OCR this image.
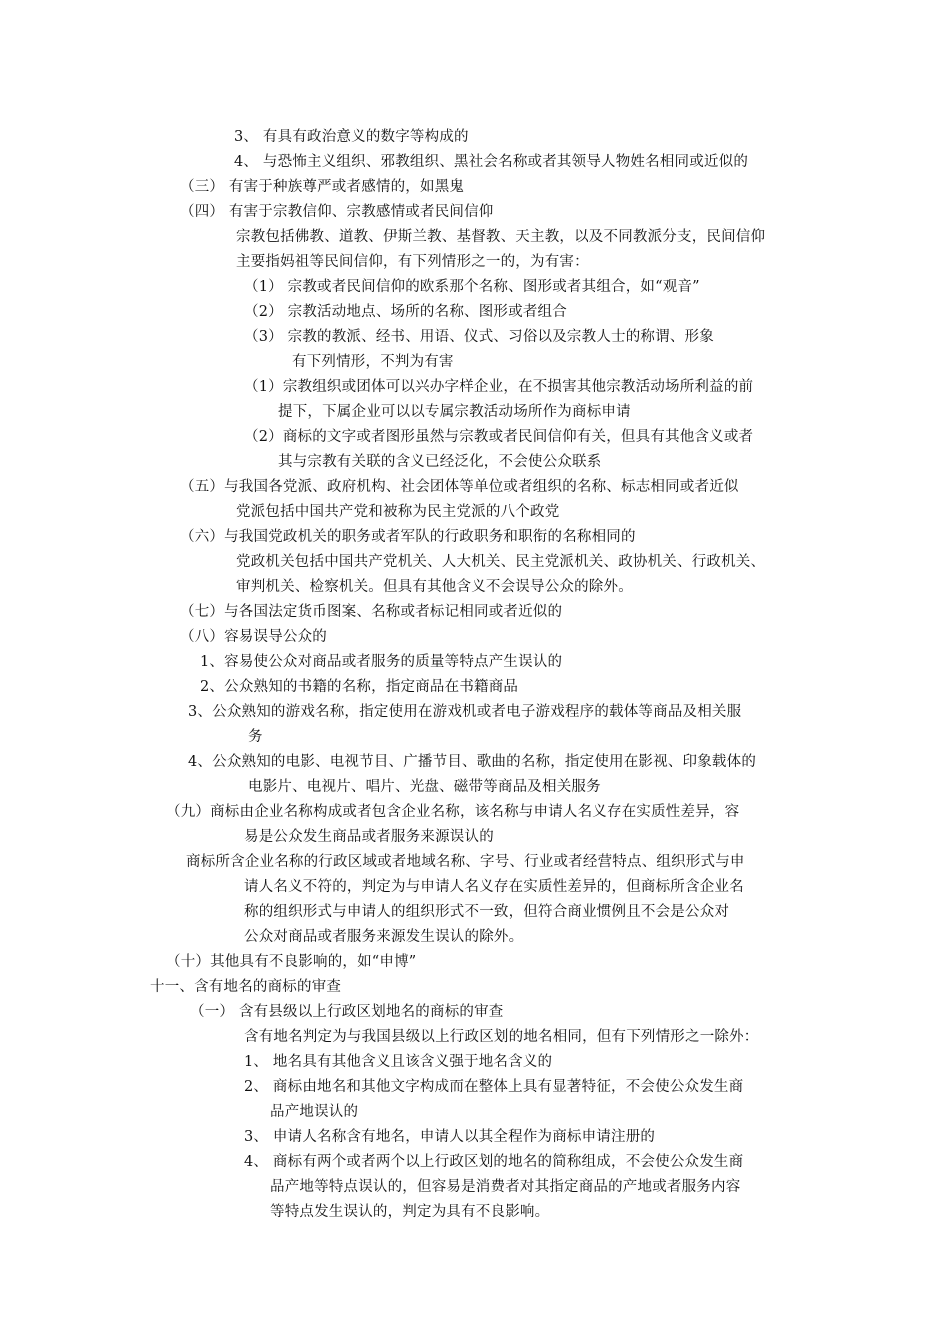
3、 有具有政治意义的数字等构成的
4、 与恐怖主义组织、邪教组织、黑社会名称或者其领导人物姓名相同或近似的
（三） 有害于种族尊严或者感情的，如黑鬼
（四） 有害于宗教信仰、宗教感情或者民间信仰
宗教包括佛教、道教、伊斯兰教、基督教、天主教，以及不同教派分支，民间信仰
主要指妈祖等民间信仰，有下列情形之一的，为有害：
（1） 宗教或者民间信仰的欧系那个名称、图形或者其组合，如“观音”
（2） 宗教活动地点、场所的名称、图形或者组合
（3） 宗教的教派、经书、用语、仪式、习俗以及宗教人士的称谓、形象
有下列情形，不判为有害
（1）宗教组织或团体可以兴办字样企业，在不损害其他宗教活动场所利益的前
提下，下属企业可以以专属宗教活动场所作为商标申请
（2）商标的文字或者图形虽然与宗教或者民间信仰有关，但具有其他含义或者
其与宗教有关联的含义已经泛化，不会使公众联系
（五）与我国各党派、政府机构、社会团体等单位或者组织的名称、标志相同或者近似
党派包括中国共产党和被称为民主党派的八个政党
（六）与我国党政机关的职务或者军队的行政职务和职衔的名称相同的
党政机关包括中国共产党机关、人大机关、民主党派机关、政协机关、行政机关、
审判机关、检察机关。但具有其他含义不会误导公众的除外。
（七）与各国法定货币图案、名称或者标记相同或者近似的
（八）容易误导公众的
1、容易使公众对商品或者服务的质量等特点产生误认的
2、公众熟知的书籍的名称，指定商品在书籍商品
3、公众熟知的游戏名称，指定使用在游戏机或者电子游戏程序的载体等商品及相关服
务
4、公众熟知的电影、电视节目、广播节目、歌曲的名称，指定使用在影视、印象载体的
电影片、电视片、唱片、光盘、磁带等商品及相关服务
（九）商标由企业名称构成或者包含企业名称，该名称与申请人名义存在实质性差异，容
易是公众发生商品或者服务来源误认的
商标所含企业名称的行政区域或者地域名称、字号、行业或者经营特点、组织形式与申
请人名义不符的，判定为与申请人名义存在实质性差异的，但商标所含企业名
称的组织形式与申请人的组织形式不一致，但符合商业惯例且不会是公众对
公众对商品或者服务来源发生误认的除外。
（十）其他具有不良影响的，如“申博”
十一、含有地名的商标的审查
（一） 含有县级以上行政区划地名的商标的审查
含有地名判定为与我国县级以上行政区划的地名相同，但有下列情形之一除外：
1、 地名具有其他含义且该含义强于地名含义的
2、 商标由地名和其他文字构成而在整体上具有显著特征，不会使公众发生商
品产地误认的
3、 申请人名称含有地名，申请人以其全程作为商标申请注册的
4、 商标有两个或者两个以上行政区划的地名的简称组成，不会使公众发生商
品产地等特点误认的，但容易是消费者对其指定商品的产地或者服务内容
等特点发生误认的，判定为具有不良影响。
